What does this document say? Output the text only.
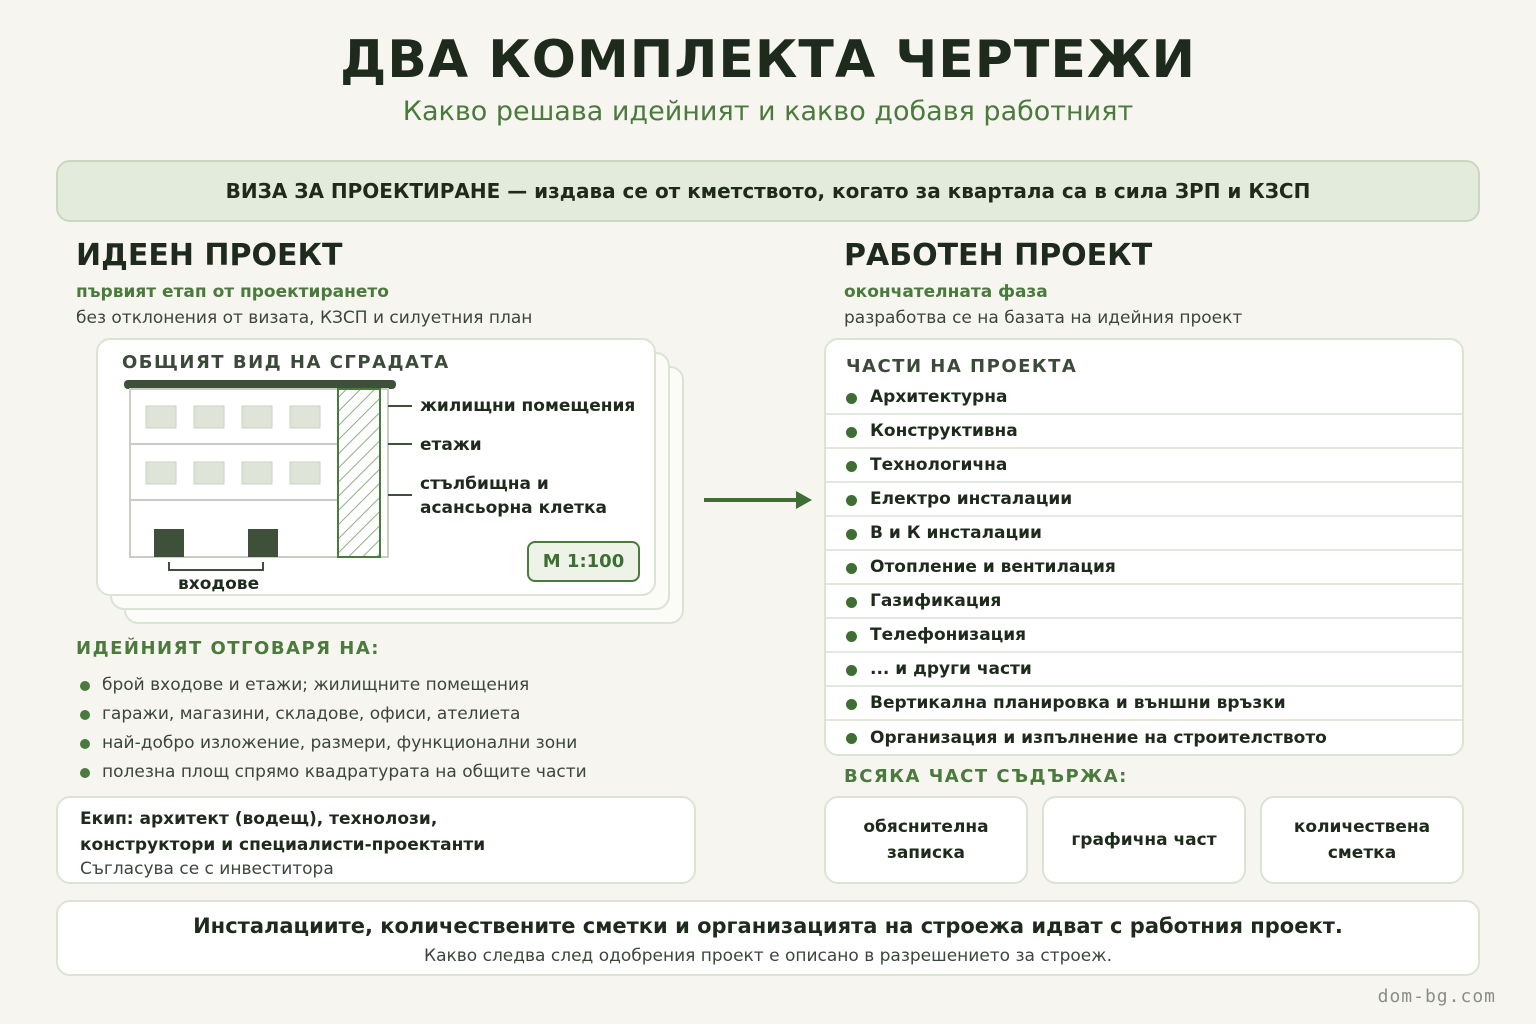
ДВА КОМПЛЕКТА ЧЕРТЕЖИ
Какво решава идейният и какво добавя работният
ВИЗА ЗА ПРОЕКТИРАНЕ — издава се от кметството, когато за квартала са в сила ЗРП и КЗСП
ИДЕЕН ПРОЕКТ
първият етап от проектирането
без отклонения от визата, КЗСП и силуетния план
ОБЩИЯТ ВИД НА СГРАДАТА
жилищни помещения
етажи
стълбищна и
асансьорна клетка
входове
М 1:100
ИДЕЙНИЯТ ОТГОВАРЯ НА:
брой входове и етажи; жилищните помещения
гаражи, магазини, складове, офиси, ателиета
най-добро изложение, размери, функционални зони
полезна площ спрямо квадратурата на общите части
Екип: архитект (водещ), технолози,
конструктори и специалисти-проектанти
Съгласува се с инвеститора
РАБОТЕН ПРОЕКТ
окончателната фаза
разработва се на базата на идейния проект
ЧАСТИ НА ПРОЕКТА
Архитектурна
Конструктивна
Технологична
Електро инсталации
В и К инсталации
Отопление и вентилация
Газификация
Телефонизация
... и други части
Вертикална планировка и външни връзки
Организация и изпълнение на строителството
ВСЯКА ЧАСТ СЪДЪРЖА:
обяснителна
записка
графична част
количествена
сметка
Инсталациите, количествените сметки и организацията на строежа идват с работния проект.
Какво следва след одобрения проект е описано в разрешението за строеж.
dom-bg.com
